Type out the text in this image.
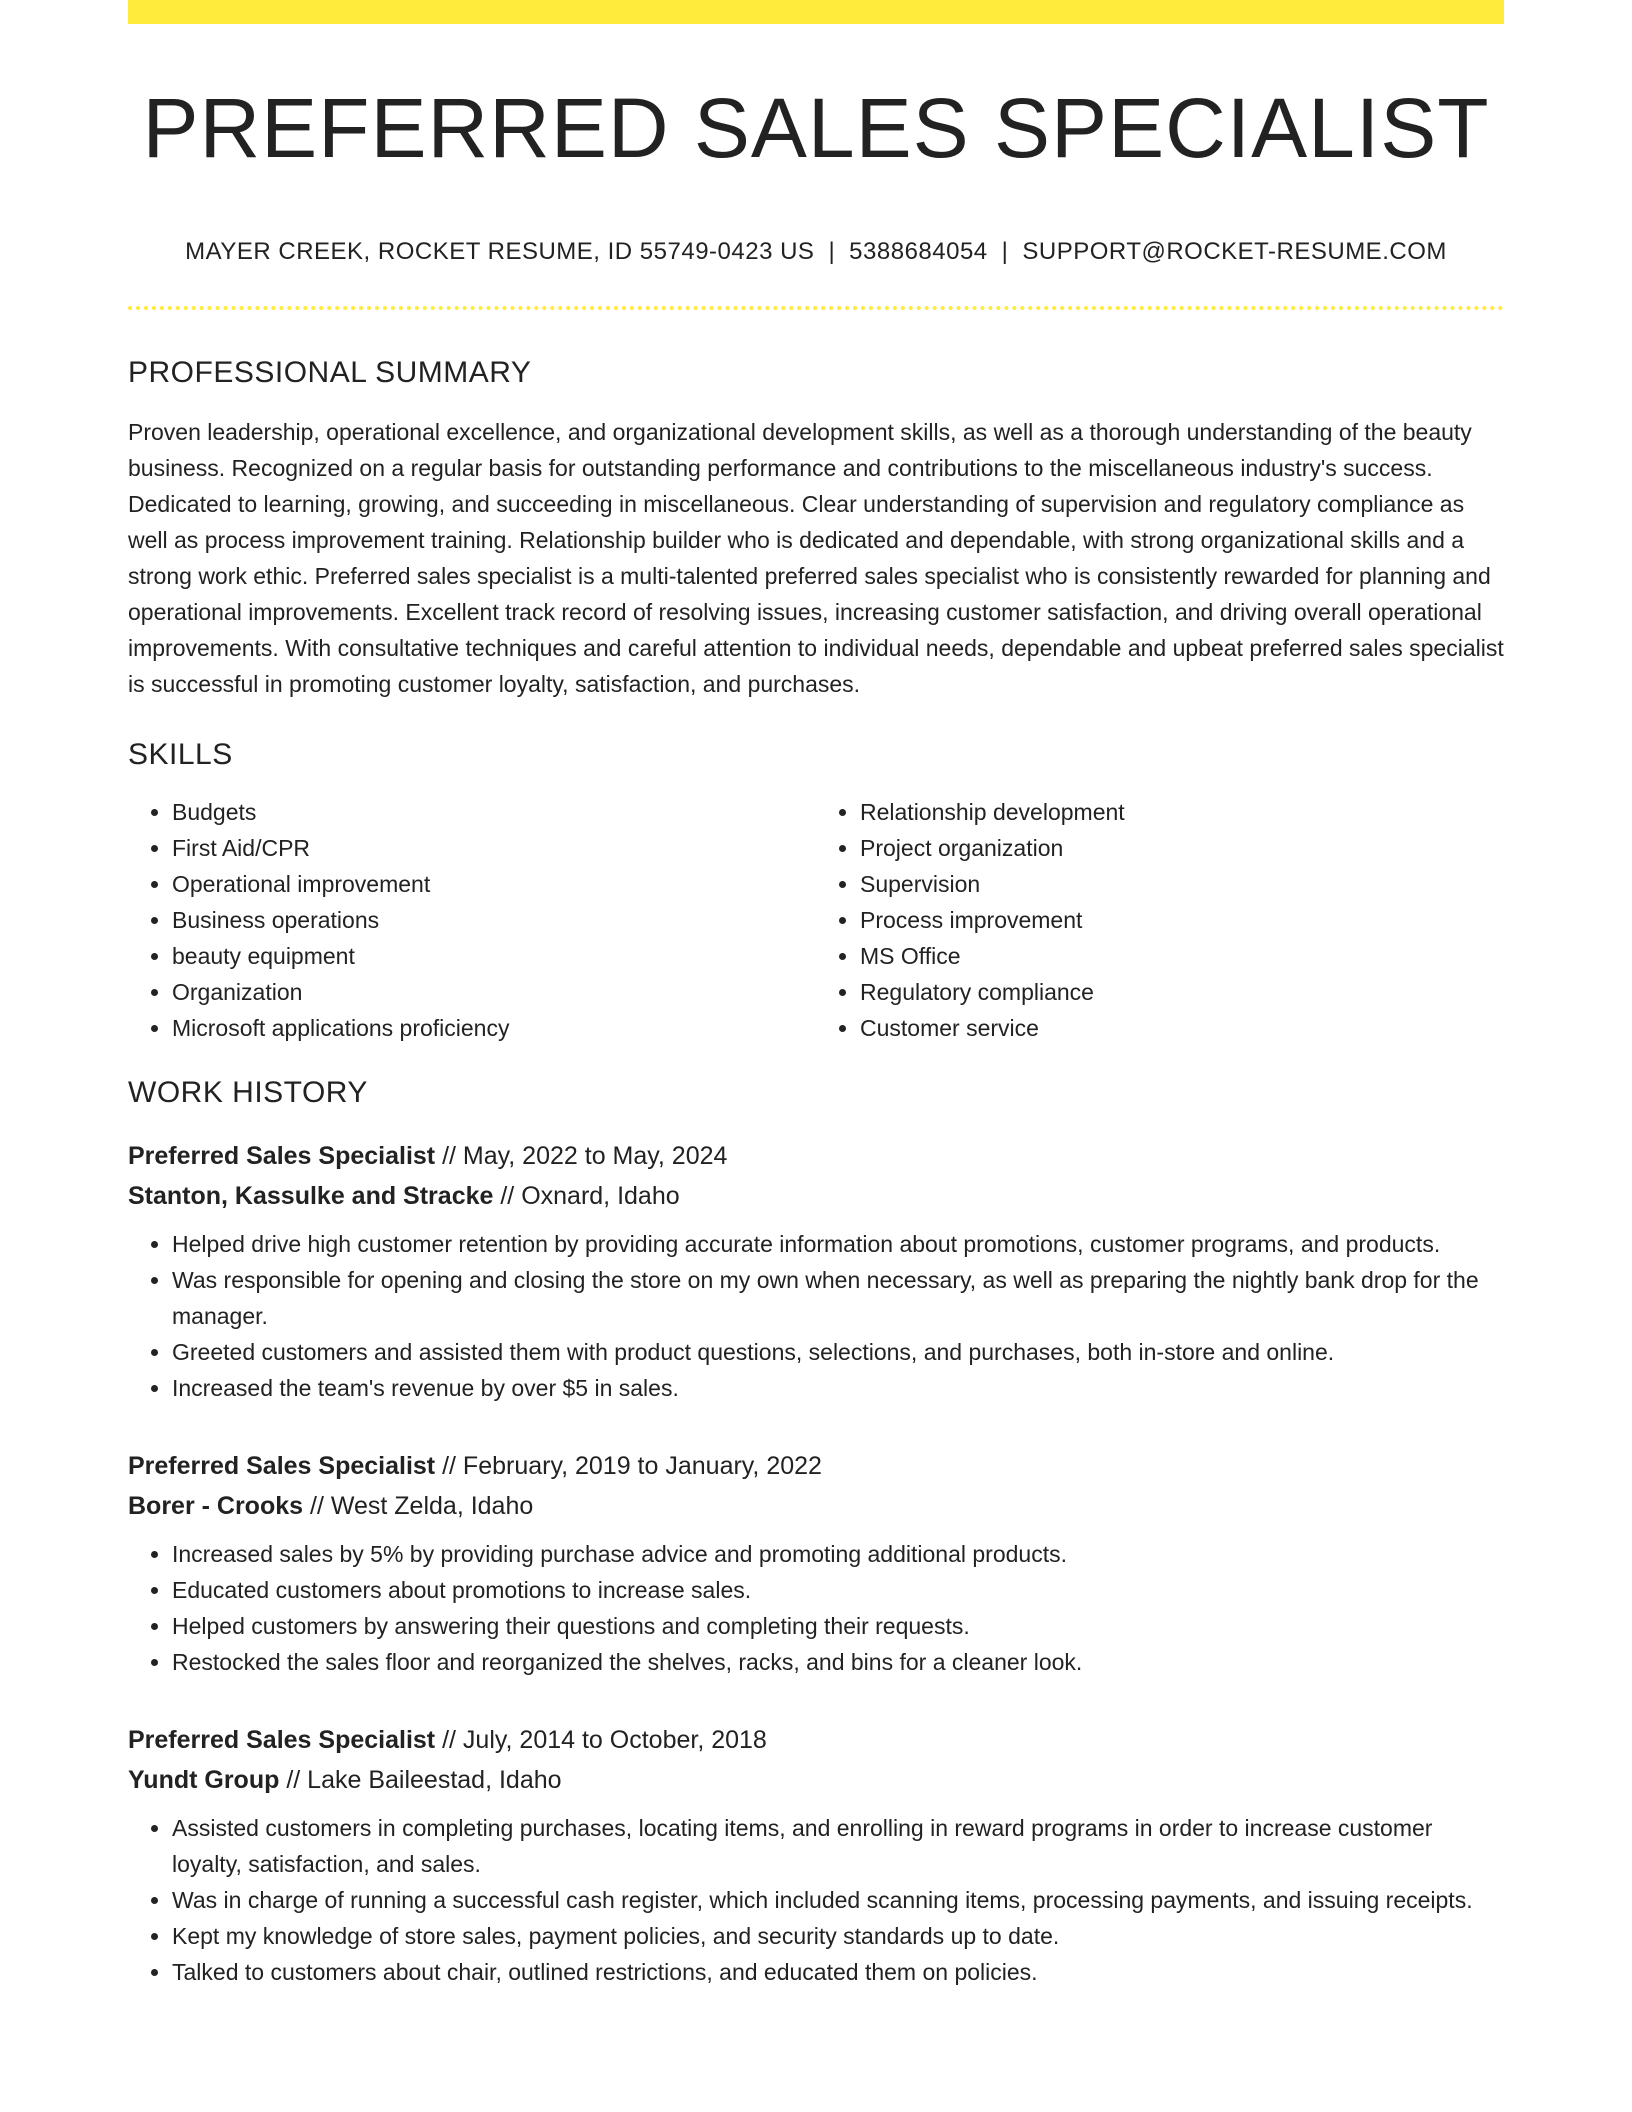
PREFERRED SALES SPECIALIST
MAYER CREEK, ROCKET RESUME, ID 55749-0423 US | 5388684054 | SUPPORT@ROCKET-RESUME.COM
PROFESSIONAL SUMMARY

Proven leadership, operational excellence, and organizational development skills, as well as a thorough understanding of the beauty business. Recognized on a regular basis for outstanding performance and contributions to the miscellaneous industry's success. Dedicated to learning, growing, and succeeding in miscellaneous. Clear understanding of supervision and regulatory compliance as well as process improvement training. Relationship builder who is dedicated and dependable, with strong organizational skills and a strong work ethic. Preferred sales specialist is a multi-talented preferred sales specialist who is consistently rewarded for planning and operational improvements. Excellent track record of resolving issues, increasing customer satisfaction, and driving overall operational improvements. With consultative techniques and careful attention to individual needs, dependable and upbeat preferred sales specialist is successful in promoting customer loyalty, satisfaction, and purchases.

SKILLS
• Budgets
• First Aid/CPR
• Operational improvement
• Business operations
• beauty equipment
• Organization
• Microsoft applications proficiency
• Relationship development
• Project organization
• Supervision
• Process improvement
• MS Office
• Regulatory compliance
• Customer service
WORK HISTORY
Preferred Sales Specialist // May, 2022 to May, 2024
Stanton, Kassulke and Stracke // Oxnard, Idaho
• Helped drive high customer retention by providing accurate information about promotions, customer programs, and products.
• Was responsible for opening and closing the store on my own when necessary, as well as preparing the nightly bank drop for the manager.
• Greeted customers and assisted them with product questions, selections, and purchases, both in-store and online.
• Increased the team's revenue by over $5 in sales.
Preferred Sales Specialist // February, 2019 to January, 2022
Borer - Crooks // West Zelda, Idaho
• Increased sales by 5% by providing purchase advice and promoting additional products.
• Educated customers about promotions to increase sales.
• Helped customers by answering their questions and completing their requests.
• Restocked the sales floor and reorganized the shelves, racks, and bins for a cleaner look.
Preferred Sales Specialist // July, 2014 to October, 2018
Yundt Group // Lake Baileestad, Idaho
• Assisted customers in completing purchases, locating items, and enrolling in reward programs in order to increase customer loyalty, satisfaction, and sales.
• Was in charge of running a successful cash register, which included scanning items, processing payments, and issuing receipts.
• Kept my knowledge of store sales, payment policies, and security standards up to date.
• Talked to customers about chair, outlined restrictions, and educated them on policies.
